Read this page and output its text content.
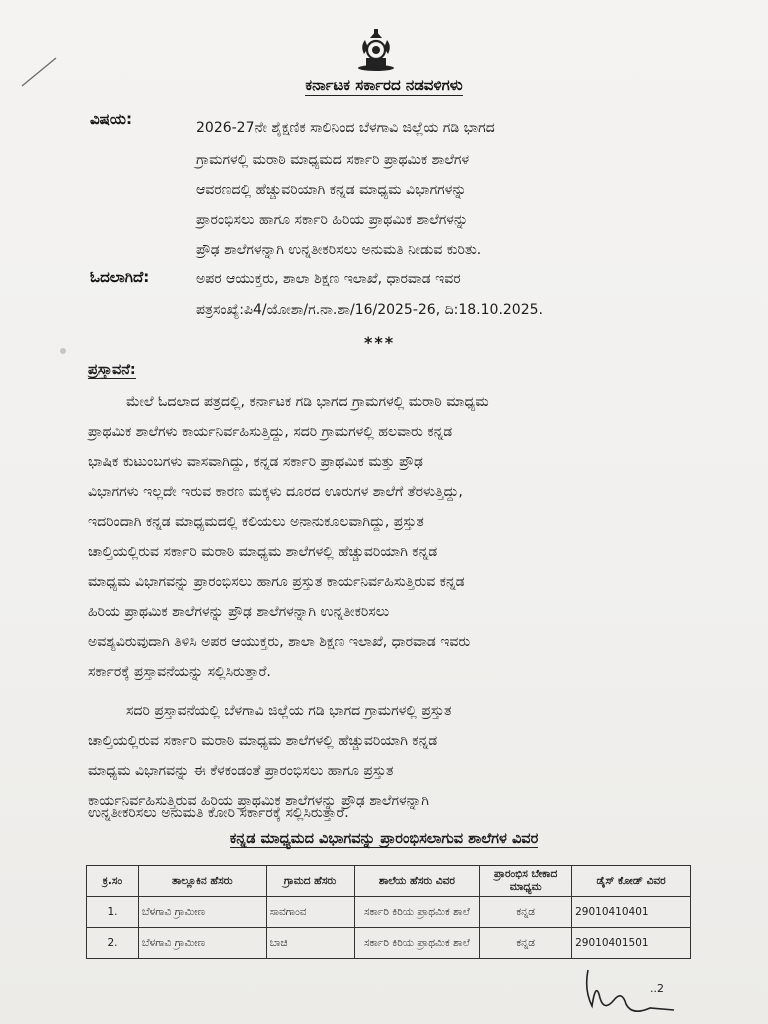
ಕರ್ನಾಟಕ ಸರ್ಕಾರದ ನಡವಳಿಗಳು
ವಿಷಯ:	2026-27ನೇ ಶೈಕ್ಷಣಿಕ ಸಾಲಿನಿಂದ ಬೆಳಗಾವಿ ಜಿಲ್ಲೆಯ ಗಡಿ ಭಾಗದ
ಗ್ರಾಮಗಳಲ್ಲಿ ಮರಾಠಿ ಮಾಧ್ಯಮದ ಸರ್ಕಾರಿ ಪ್ರಾಥಮಿಕ ಶಾಲೆಗಳ
ಆವರಣದಲ್ಲಿ ಹೆಚ್ಚುವರಿಯಾಗಿ ಕನ್ನಡ ಮಾಧ್ಯಮ ವಿಭಾಗಗಳನ್ನು
ಪ್ರಾರಂಭಿಸಲು ಹಾಗೂ ಸರ್ಕಾರಿ ಹಿರಿಯ ಪ್ರಾಥಮಿಕ ಶಾಲೆಗಳನ್ನು
ಪ್ರೌಢ ಶಾಲೆಗಳನ್ನಾಗಿ ಉನ್ನತೀಕರಿಸಲು ಅನುಮತಿ ನೀಡುವ ಕುರಿತು.
ಓದಲಾಗಿದೆ:	ಅಪರ ಆಯುಕ್ತರು, ಶಾಲಾ ಶಿಕ್ಷಣ ಇಲಾಖೆ, ಧಾರವಾಡ ಇವರ
ಪತ್ರಸಂಖ್ಯೆ:ಪಿ4/ಯೋಶಾ/ಗ.ನಾ.ಶಾ/16/2025-26, ದಿ:18.10.2025.
***
ಪ್ರಸ್ತಾವನೆ:
ಮೇಲೆ ಓದಲಾದ ಪತ್ರದಲ್ಲಿ, ಕರ್ನಾಟಕ ಗಡಿ ಭಾಗದ ಗ್ರಾಮಗಳಲ್ಲಿ ಮರಾಠಿ ಮಾಧ್ಯಮ
ಪ್ರಾಥಮಿಕ ಶಾಲೆಗಳು ಕಾರ್ಯನಿರ್ವಹಿಸುತ್ತಿದ್ದು, ಸದರಿ ಗ್ರಾಮಗಳಲ್ಲಿ ಹಲವಾರು ಕನ್ನಡ
ಭಾಷಿಕ ಕುಟುಂಬಗಳು ವಾಸವಾಗಿದ್ದು, ಕನ್ನಡ ಸರ್ಕಾರಿ ಪ್ರಾಥಮಿಕ ಮತ್ತು ಪ್ರೌಢ
ವಿಭಾಗಗಳು ಇಲ್ಲದೇ ಇರುವ ಕಾರಣ ಮಕ್ಕಳು ದೂರದ ಊರುಗಳ ಶಾಲೆಗೆ ತೆರಳುತ್ತಿದ್ದು,
ಇದರಿಂದಾಗಿ ಕನ್ನಡ ಮಾಧ್ಯಮದಲ್ಲಿ ಕಲಿಯಲು ಅನಾನುಕೂಲವಾಗಿದ್ದು, ಪ್ರಸ್ತುತ
ಚಾಲ್ತಿಯಲ್ಲಿರುವ ಸರ್ಕಾರಿ ಮರಾಠಿ ಮಾಧ್ಯಮ ಶಾಲೆಗಳಲ್ಲಿ ಹೆಚ್ಚುವರಿಯಾಗಿ ಕನ್ನಡ
ಮಾಧ್ಯಮ ವಿಭಾಗವನ್ನು ಪ್ರಾರಂಭಿಸಲು ಹಾಗೂ ಪ್ರಸ್ತುತ ಕಾರ್ಯನಿರ್ವಹಿಸುತ್ತಿರುವ ಕನ್ನಡ
ಹಿರಿಯ ಪ್ರಾಥಮಿಕ ಶಾಲೆಗಳನ್ನು ಪ್ರೌಢ ಶಾಲೆಗಳನ್ನಾಗಿ ಉನ್ನತೀಕರಿಸಲು
ಅವಶ್ಯವಿರುವುದಾಗಿ ತಿಳಿಸಿ ಅಪರ ಆಯುಕ್ತರು, ಶಾಲಾ ಶಿಕ್ಷಣ ಇಲಾಖೆ, ಧಾರವಾಡ ಇವರು
ಸರ್ಕಾರಕ್ಕೆ ಪ್ರಸ್ತಾವನೆಯನ್ನು ಸಲ್ಲಿಸಿರುತ್ತಾರೆ.
ಸದರಿ ಪ್ರಸ್ತಾವನೆಯಲ್ಲಿ ಬೆಳಗಾವಿ ಜಿಲ್ಲೆಯ ಗಡಿ ಭಾಗದ ಗ್ರಾಮಗಳಲ್ಲಿ ಪ್ರಸ್ತುತ
ಚಾಲ್ತಿಯಲ್ಲಿರುವ ಸರ್ಕಾರಿ ಮರಾಠಿ ಮಾಧ್ಯಮ ಶಾಲೆಗಳಲ್ಲಿ ಹೆಚ್ಚುವರಿಯಾಗಿ ಕನ್ನಡ
ಮಾಧ್ಯಮ ವಿಭಾಗವನ್ನು ಈ ಕೆಳಕಂಡಂತೆ ಪ್ರಾರಂಭಿಸಲು ಹಾಗೂ ಪ್ರಸ್ತುತ
ಕಾರ್ಯನಿರ್ವಹಿಸುತ್ತಿರುವ ಹಿರಿಯ ಪ್ರಾಥಮಿಕ ಶಾಲೆಗಳನ್ನು ಪ್ರೌಢ ಶಾಲೆಗಳನ್ನಾಗಿ
ಉನ್ನತೀಕರಿಸಲು ಅನುಮತಿ ಕೋರಿ ಸರ್ಕಾರಕ್ಕೆ ಸಲ್ಲಿಸಿರುತ್ತಾರೆ.
ಕನ್ನಡ ಮಾಧ್ಯಮದ ವಿಭಾಗವನ್ನು ಪ್ರಾರಂಭಿಸಲಾಗುವ ಶಾಲೆಗಳ ವಿವರ
ಕ್ರ.ಸಂ	ತಾಲ್ಲೂಕಿನ ಹೆಸರು	ಗ್ರಾಮದ ಹೆಸರು	ಶಾಲೆಯ ಹೆಸರು ವಿವರ	ಪ್ರಾರಂಭಿಸ ಬೇಕಾದ ಮಾಧ್ಯಮ	ಡೈಸ್ ಕೋಡ್ ವಿವರ
1.	ಬೆಳಗಾವಿ ಗ್ರಾಮೀಣ	ಸಾವಗಾಂವ	ಸರ್ಕಾರಿ ಕಿರಿಯ ಪ್ರಾಥಮಿಕ ಶಾಲೆ	ಕನ್ನಡ	29010410401
2.	ಬೆಳಗಾವಿ ಗ್ರಾಮೀಣ	ಬಾಚಿ	ಸರ್ಕಾರಿ ಕಿರಿಯ ಪ್ರಾಥಮಿಕ ಶಾಲೆ	ಕನ್ನಡ	29010401501
..2
